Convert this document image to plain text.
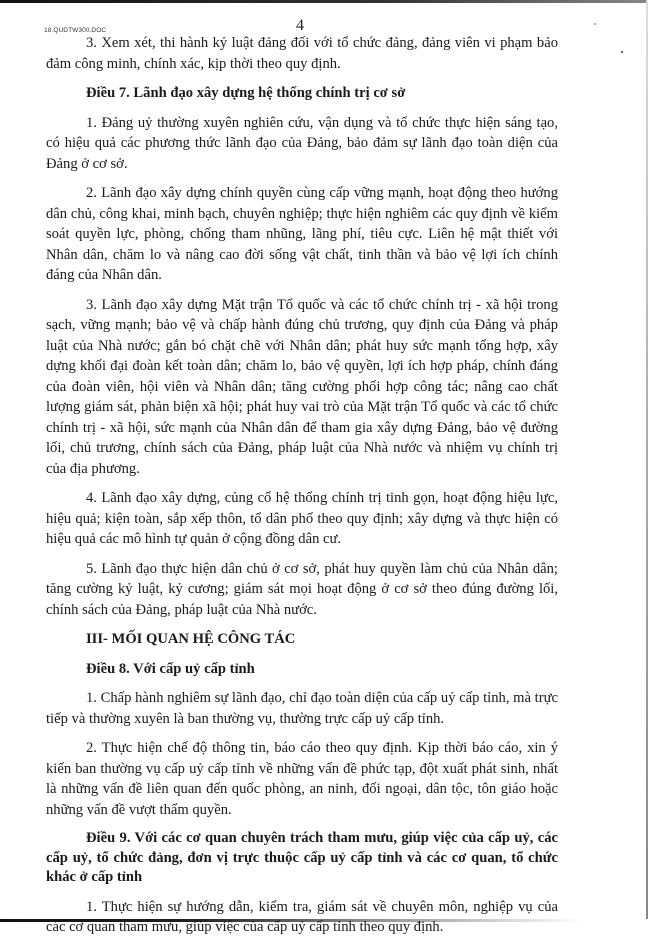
18.QUDTW300.DOC	4

3. Xem xét, thi hành kỷ luật đảng đối với tổ chức đảng, đảng viên vi phạm bảo đảm công minh, chính xác, kịp thời theo quy định.

Điều 7. Lãnh đạo xây dựng hệ thống chính trị cơ sở

1. Đảng uỷ thường xuyên nghiên cứu, vận dụng và tổ chức thực hiện sáng tạo, có hiệu quả các phương thức lãnh đạo của Đảng, bảo đảm sự lãnh đạo toàn diện của Đảng ở cơ sở.

2. Lãnh đạo xây dựng chính quyền cùng cấp vững mạnh, hoạt động theo hướng dân chủ, công khai, minh bạch, chuyên nghiệp; thực hiện nghiêm các quy định về kiểm soát quyền lực, phòng, chống tham nhũng, lãng phí, tiêu cực. Liên hệ mật thiết với Nhân dân, chăm lo và nâng cao đời sống vật chất, tinh thần và bảo vệ lợi ích chính đáng của Nhân dân.

3. Lãnh đạo xây dựng Mặt trận Tổ quốc và các tổ chức chính trị - xã hội trong sạch, vững mạnh; bảo vệ và chấp hành đúng chủ trương, quy định của Đảng và pháp luật của Nhà nước; gắn bó chặt chẽ với Nhân dân; phát huy sức mạnh tổng hợp, xây dựng khối đại đoàn kết toàn dân; chăm lo, bảo vệ quyền, lợi ích hợp pháp, chính đáng của đoàn viên, hội viên và Nhân dân; tăng cường phối hợp công tác; nâng cao chất lượng giám sát, phản biện xã hội; phát huy vai trò của Mặt trận Tổ quốc và các tổ chức chính trị - xã hội, sức mạnh của Nhân dân để tham gia xây dựng Đảng, bảo vệ đường lối, chủ trương, chính sách của Đảng, pháp luật của Nhà nước và nhiệm vụ chính trị của địa phương.

4. Lãnh đạo xây dựng, củng cố hệ thống chính trị tinh gọn, hoạt động hiệu lực, hiệu quả; kiện toàn, sắp xếp thôn, tổ dân phố theo quy định; xây dựng và thực hiện có hiệu quả các mô hình tự quản ở cộng đồng dân cư.

5. Lãnh đạo thực hiện dân chủ ở cơ sở, phát huy quyền làm chủ của Nhân dân; tăng cường kỷ luật, kỷ cương; giám sát mọi hoạt động ở cơ sở theo đúng đường lối, chính sách của Đảng, pháp luật của Nhà nước.

III- MỐI QUAN HỆ CÔNG TÁC

Điều 8. Với cấp uỷ cấp tỉnh

1. Chấp hành nghiêm sự lãnh đạo, chỉ đạo toàn diện của cấp uỷ cấp tỉnh, mà trực tiếp và thường xuyên là ban thường vụ, thường trực cấp uỷ cấp tỉnh.

2. Thực hiện chế độ thông tin, báo cáo theo quy định. Kịp thời báo cáo, xin ý kiến ban thường vụ cấp uỷ cấp tỉnh về những vấn đề phức tạp, đột xuất phát sinh, nhất là những vấn đề liên quan đến quốc phòng, an ninh, đối ngoại, dân tộc, tôn giáo hoặc những vấn đề vượt thẩm quyền.

Điều 9. Với các cơ quan chuyên trách tham mưu, giúp việc của cấp uỷ, các cấp uỷ, tổ chức đảng, đơn vị trực thuộc cấp uỷ cấp tỉnh và các cơ quan, tổ chức khác ở cấp tỉnh

1. Thực hiện sự hướng dẫn, kiểm tra, giám sát về chuyên môn, nghiệp vụ của các cơ quan tham mưu, giúp việc của cấp uỷ cấp tỉnh theo quy định.
